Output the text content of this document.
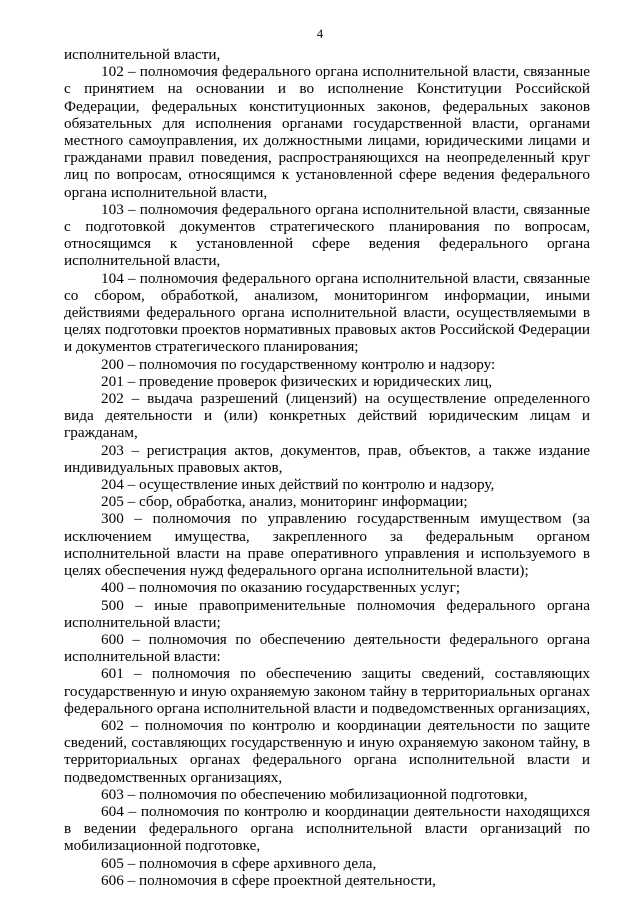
4

исполнительной власти,

102 – полномочия федерального органа исполнительной власти, связанные с принятием на основании и во исполнение Конституции Российской Федерации, федеральных конституционных законов, федеральных законов обязательных для исполнения органами государственной власти, органами местного самоуправления, их должностными лицами, юридическими лицами и гражданами правил поведения, распространяющихся на неопределенный круг лиц по вопросам, относящимся к установленной сфере ведения федерального органа исполнительной власти,

103 – полномочия федерального органа исполнительной власти, связанные с подготовкой документов стратегического планирования по вопросам, относящимся к установленной сфере ведения федерального органа исполнительной власти,

104 – полномочия федерального органа исполнительной власти, связанные со сбором, обработкой, анализом, мониторингом информации, иными действиями федерального органа исполнительной власти, осуществляемыми в целях подготовки проектов нормативных правовых актов Российской Федерации и документов стратегического планирования;

200 – полномочия по государственному контролю и надзору:

201 – проведение проверок физических и юридических лиц,

202 – выдача разрешений (лицензий) на осуществление определенного вида деятельности и (или) конкретных действий юридическим лицам и гражданам,

203 – регистрация актов, документов, прав, объектов, а также издание индивидуальных правовых актов,

204 – осуществление иных действий по контролю и надзору,

205 – сбор, обработка, анализ, мониторинг информации;

300 – полномочия по управлению государственным имуществом (за исключением имущества, закрепленного за федеральным органом исполнительной власти на праве оперативного управления и используемого в целях обеспечения нужд федерального органа исполнительной власти);

400 – полномочия по оказанию государственных услуг;

500 – иные правоприменительные полномочия федерального органа исполнительной власти;

600 – полномочия по обеспечению деятельности федерального органа исполнительной власти:

601 – полномочия по обеспечению защиты сведений, составляющих государственную и иную охраняемую законом тайну в территориальных органах федерального органа исполнительной власти и подведомственных организациях,

602 – полномочия по контролю и координации деятельности по защите сведений, составляющих государственную и иную охраняемую законом тайну, в территориальных органах федерального органа исполнительной власти и подведомственных организациях,

603 – полномочия по обеспечению мобилизационной подготовки,

604 – полномочия по контролю и координации деятельности находящихся в ведении федерального органа исполнительной власти организаций по мобилизационной подготовке,

605 – полномочия в сфере архивного дела,

606 – полномочия в сфере проектной деятельности,
